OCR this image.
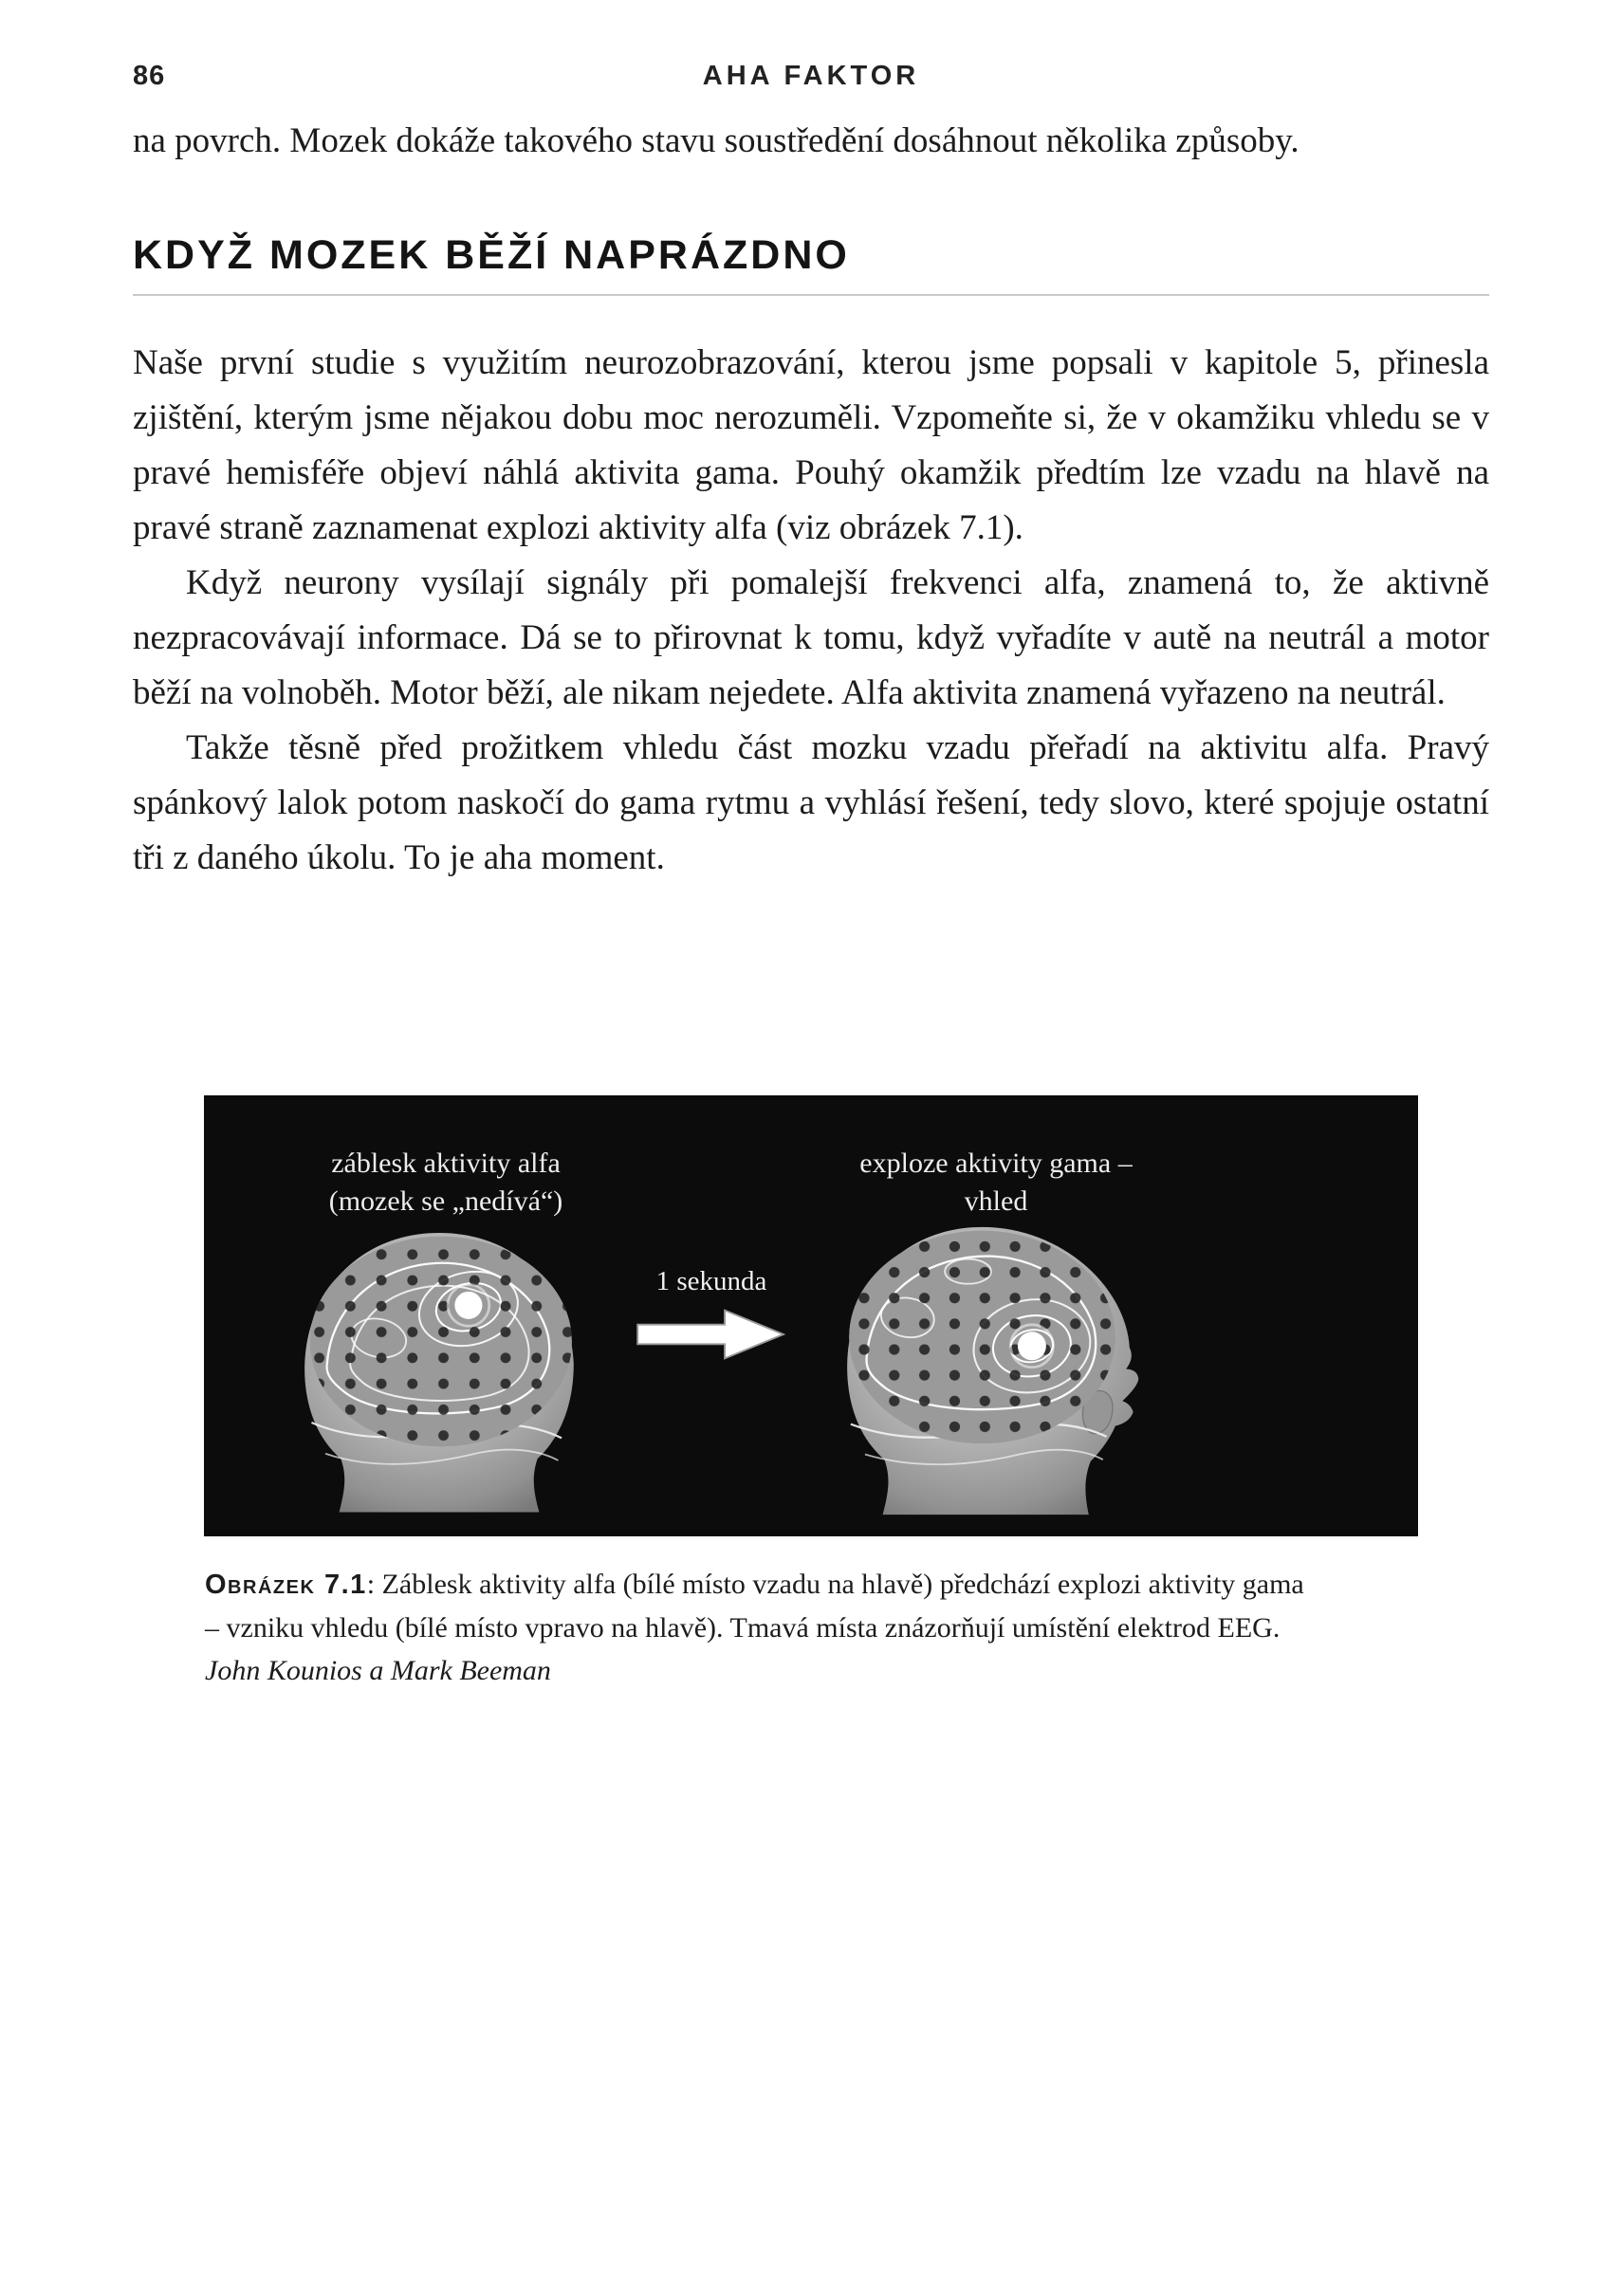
86	AHA FAKTOR

na povrch. Mozek dokáže takového stavu soustředění dosáhnout několika způsoby.

KDYŽ MOZEK BĚŽÍ NAPRÁZDNO

Naše první studie s využitím neurozobrazování, kterou jsme popsali v kapitole 5, přinesla zjištění, kterým jsme nějakou dobu moc nerozuměli. Vzpomeňte si, že v okamžiku vhledu se v pravé hemisféře objeví náhlá aktivita gama. Pouhý okamžik předtím lze vzadu na hlavě na pravé straně zaznamenat explozi aktivity alfa (viz obrázek 7.1).

Když neurony vysílají signály při pomalejší frekvenci alfa, znamená to, že aktivně nezpracovávají informace. Dá se to přirovnat k tomu, když vyřadíte v autě na neutrál a motor běží na volnoběh. Motor běží, ale nikam nejedete. Alfa aktivita znamená vyřazeno na neutrál.

Takže těsně před prožitkem vhledu část mozku vzadu přeřadí na aktivitu alfa. Pravý spánkový lalok potom naskočí do gama rytmu a vyhlásí řešení, tedy slovo, které spojuje ostatní tři z daného úkolu. To je aha moment.

záblesk aktivity alfa
(mozek se „nedívá“)
exploze aktivity gama –
vhled
1 sekunda
Obrázek 7.1: Záblesk aktivity alfa (bílé místo vzadu na hlavě) předchází explozi aktivity gama – vzniku vhledu (bílé místo vpravo na hlavě). Tmavá místa znázorňují umístění elektrod EEG. John Kounios a Mark Beeman
